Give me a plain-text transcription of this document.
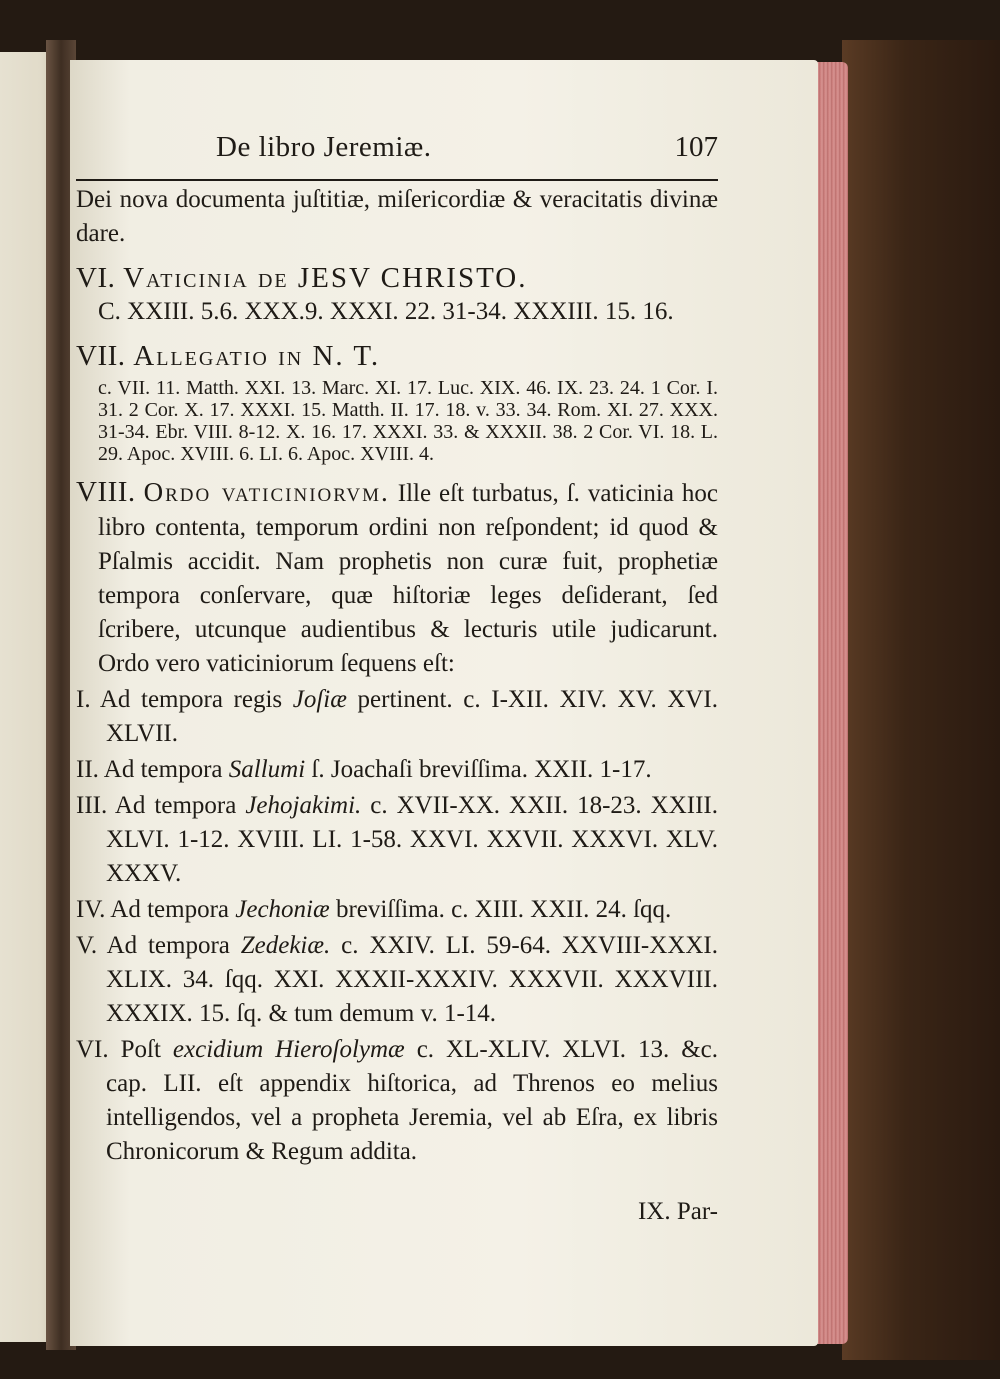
De libro Jeremiæ.	107

Dei nova documenta juſtitiæ, miſericordiæ & veracitatis divinæ dare.

VI. Vaticinia de JESV CHRISTO.

C. XXIII. 5.6. XXX.9. XXXI. 22. 31-34. XXXIII. 15. 16.

VII. Allegatio in N. T.

c. VII. 11. Matth. XXI. 13. Marc. XI. 17. Luc. XIX. 46. IX. 23. 24. 1 Cor. I. 31. 2 Cor. X. 17. XXXI. 15. Matth. II. 17. 18. v. 33. 34. Rom. XI. 27. XXX. 31-34. Ebr. VIII. 8-12. X. 16. 17. XXXI. 33. & XXXII. 38. 2 Cor. VI. 18. L. 29. Apoc. XVIII. 6. LI. 6. Apoc. XVIII. 4.

VIII. Ordo vaticiniorvm. Ille eſt turbatus, ſ. vaticinia hoc libro contenta, temporum ordini non reſpondent; id quod & Pſalmis accidit. Nam prophetis non curæ fuit, prophetiæ tempora conſervare, quæ hiſtoriæ leges deſiderant, ſed ſcribere, utcunque audientibus & lecturis utile judicarunt. Ordo vero vaticiniorum ſequens eſt:

I. Ad tempora regis Joſiæ pertinent. c. I-XII. XIV. XV. XVI. XLVII.

II. Ad tempora Sallumi ſ. Joachaſi breviſſima. XXII. 1-17.

III. Ad tempora Jehojakimi. c. XVII-XX. XXII. 18-23. XXIII. XLVI. 1-12. XVIII. LI. 1-58. XXVI. XXVII. XXXVI. XLV. XXXV.

IV. Ad tempora Jechoniæ breviſſima. c. XIII. XXII. 24. ſqq.

V. Ad tempora Zedekiæ. c. XXIV. LI. 59-64. XXVIII-XXXI. XLIX. 34. ſqq. XXI. XXXII-XXXIV. XXXVII. XXXVIII. XXXIX. 15. ſq. & tum demum v. 1-14.

VI. Poſt excidium Hieroſolymæ c. XL-XLIV. XLVI. 13. &c. cap. LII. eſt appendix hiſtorica, ad Threnos eo melius intelligendos, vel a propheta Jeremia, vel ab Eſra, ex libris Chronicorum & Regum addita.

IX. Par-
